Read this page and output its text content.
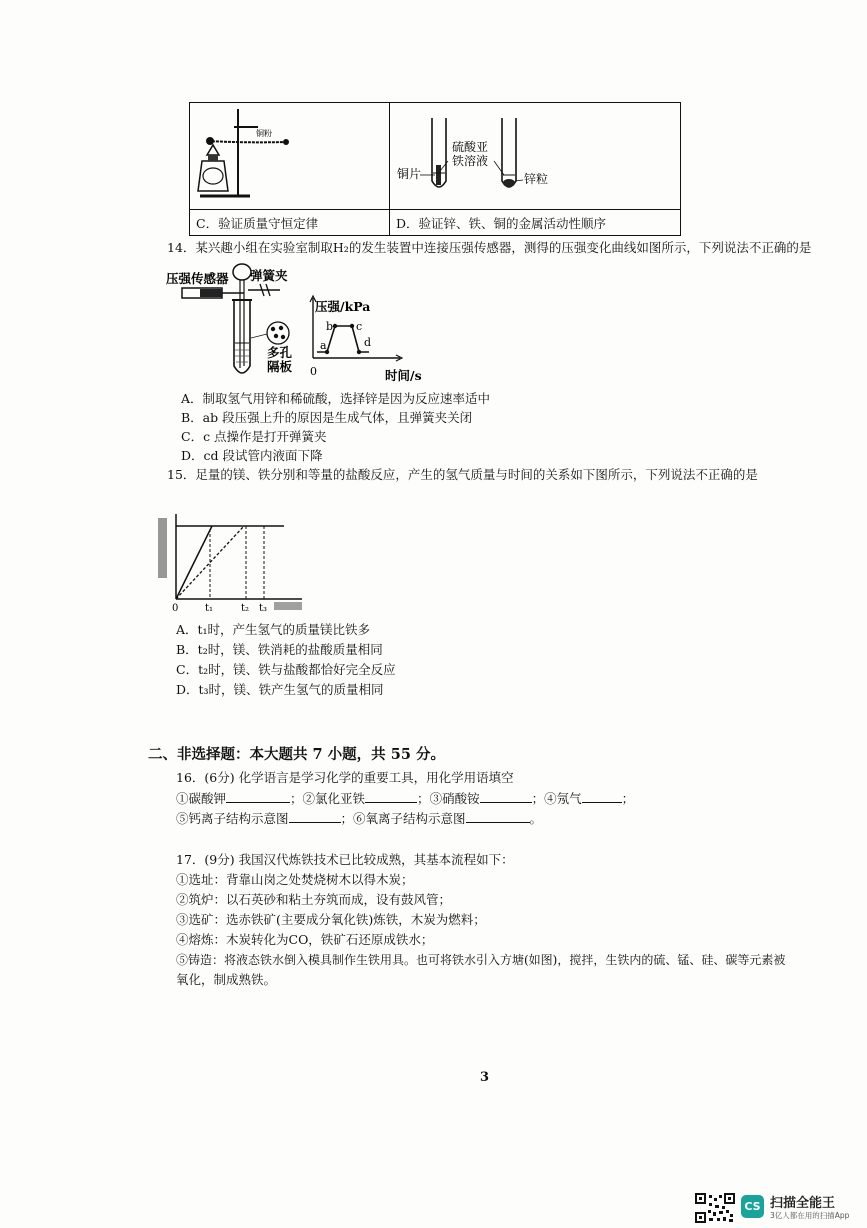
铜粉	铜片
硫酸亚
铁溶液
锌粒

C．验证质量守恒定律	D．验证锌、铁、铜的金属活动性顺序
14．某兴趣小组在实验室制取H₂的发生装置中连接压强传感器，测得的压强变化曲线如图所示，下列说法不正确的是
压强传感器 弹簧夹
多孔
隔板
压强/kPa
时间/s
0
a
b c
d
A．制取氢气用锌和稀硫酸，选择锌是因为反应速率适中
B．ab 段压强上升的原因是生成气体，且弹簧夹关闭
C．c 点操作是打开弹簧夹
D．cd 段试管内液面下降
15．足量的镁、铁分别和等量的盐酸反应，产生的氢气质量与时间的关系如下图所示，下列说法不正确的是
0	t₁	t₂ t₃
A．t₁时，产生氢气的质量镁比铁多
B．t₂时，镁、铁消耗的盐酸质量相同
C．t₂时，镁、铁与盐酸都恰好完全反应
D．t₃时，镁、铁产生氢气的质量相同
二、非选择题：本大题共 7 小题，共 55 分。
16．(6分) 化学语言是学习化学的重要工具，用化学用语填空
①碳酸钾	；②氯化亚铁	；③硝酸铵	；④氖气	；
⑤钙离子结构示意图	；⑥氧离子结构示意图	。
17．(9分) 我国汉代炼铁技术已比较成熟，其基本流程如下：
①选址：背靠山岗之处焚烧树木以得木炭；
②筑炉：以石英砂和粘土夯筑而成，设有鼓风管；
③选矿：选赤铁矿(主要成分氧化铁)炼铁，木炭为燃料；
④熔炼：木炭转化为CO，铁矿石还原成铁水；
⑤铸造：将液态铁水倒入模具制作生铁用具。也可将铁水引入方塘(如图)，搅拌，生铁内的硫、锰、硅、碳等元素被
氧化，制成熟铁。
3
CS 扫描全能王
3亿人都在用的扫描App
